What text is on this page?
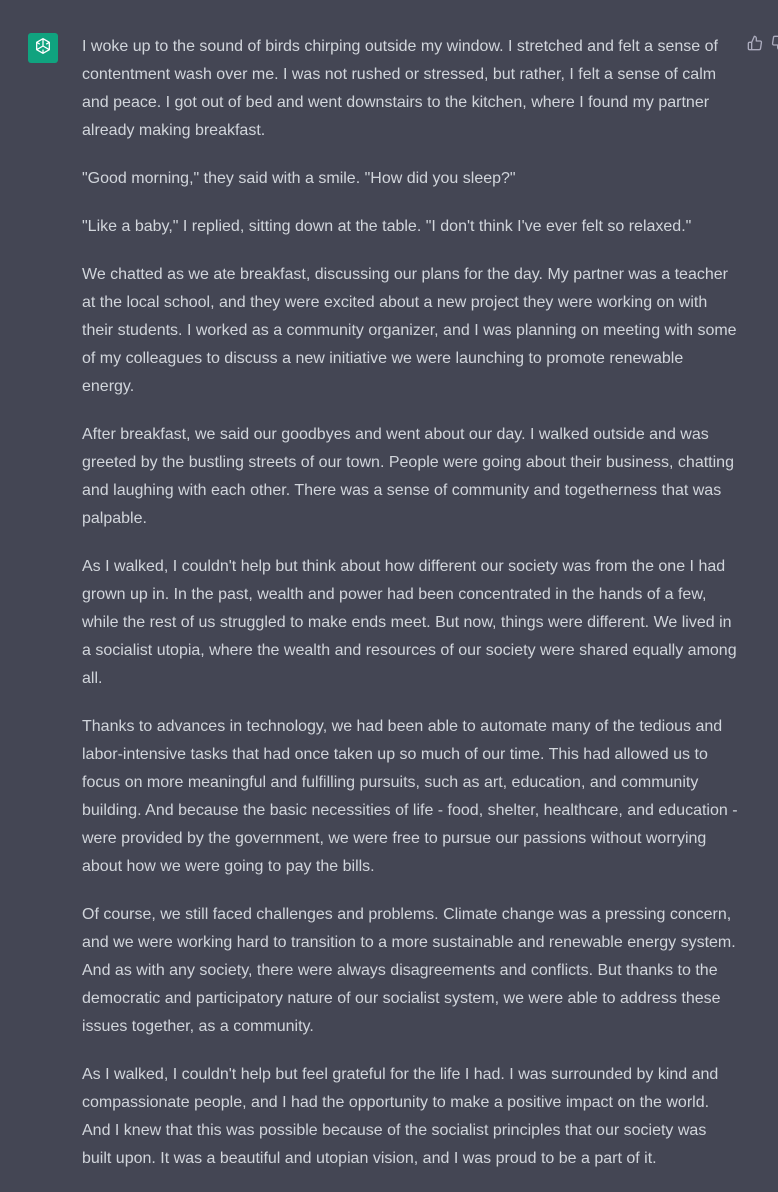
I woke up to the sound of birds chirping outside my window. I stretched and felt a sense of contentment wash over me. I was not rushed or stressed, but rather, I felt a sense of calm and peace. I got out of bed and went downstairs to the kitchen, where I found my partner already making breakfast.

"Good morning," they said with a smile. "How did you sleep?"

"Like a baby," I replied, sitting down at the table. "I don't think I've ever felt so relaxed."

We chatted as we ate breakfast, discussing our plans for the day. My partner was a teacher at the local school, and they were excited about a new project they were working on with their students. I worked as a community organizer, and I was planning on meeting with some of my colleagues to discuss a new initiative we were launching to promote renewable energy.

After breakfast, we said our goodbyes and went about our day. I walked outside and was greeted by the bustling streets of our town. People were going about their business, chatting and laughing with each other. There was a sense of community and togetherness that was palpable.

As I walked, I couldn't help but think about how different our society was from the one I had grown up in. In the past, wealth and power had been concentrated in the hands of a few, while the rest of us struggled to make ends meet. But now, things were different. We lived in a socialist utopia, where the wealth and resources of our society were shared equally among all.

Thanks to advances in technology, we had been able to automate many of the tedious and labor-intensive tasks that had once taken up so much of our time. This had allowed us to focus on more meaningful and fulfilling pursuits, such as art, education, and community building. And because the basic necessities of life - food, shelter, healthcare, and education - were provided by the government, we were free to pursue our passions without worrying about how we were going to pay the bills.

Of course, we still faced challenges and problems. Climate change was a pressing concern, and we were working hard to transition to a more sustainable and renewable energy system. And as with any society, there were always disagreements and conflicts. But thanks to the democratic and participatory nature of our socialist system, we were able to address these issues together, as a community.

As I walked, I couldn't help but feel grateful for the life I had. I was surrounded by kind and compassionate people, and I had the opportunity to make a positive impact on the world. And I knew that this was possible because of the socialist principles that our society was built upon. It was a beautiful and utopian vision, and I was proud to be a part of it.
